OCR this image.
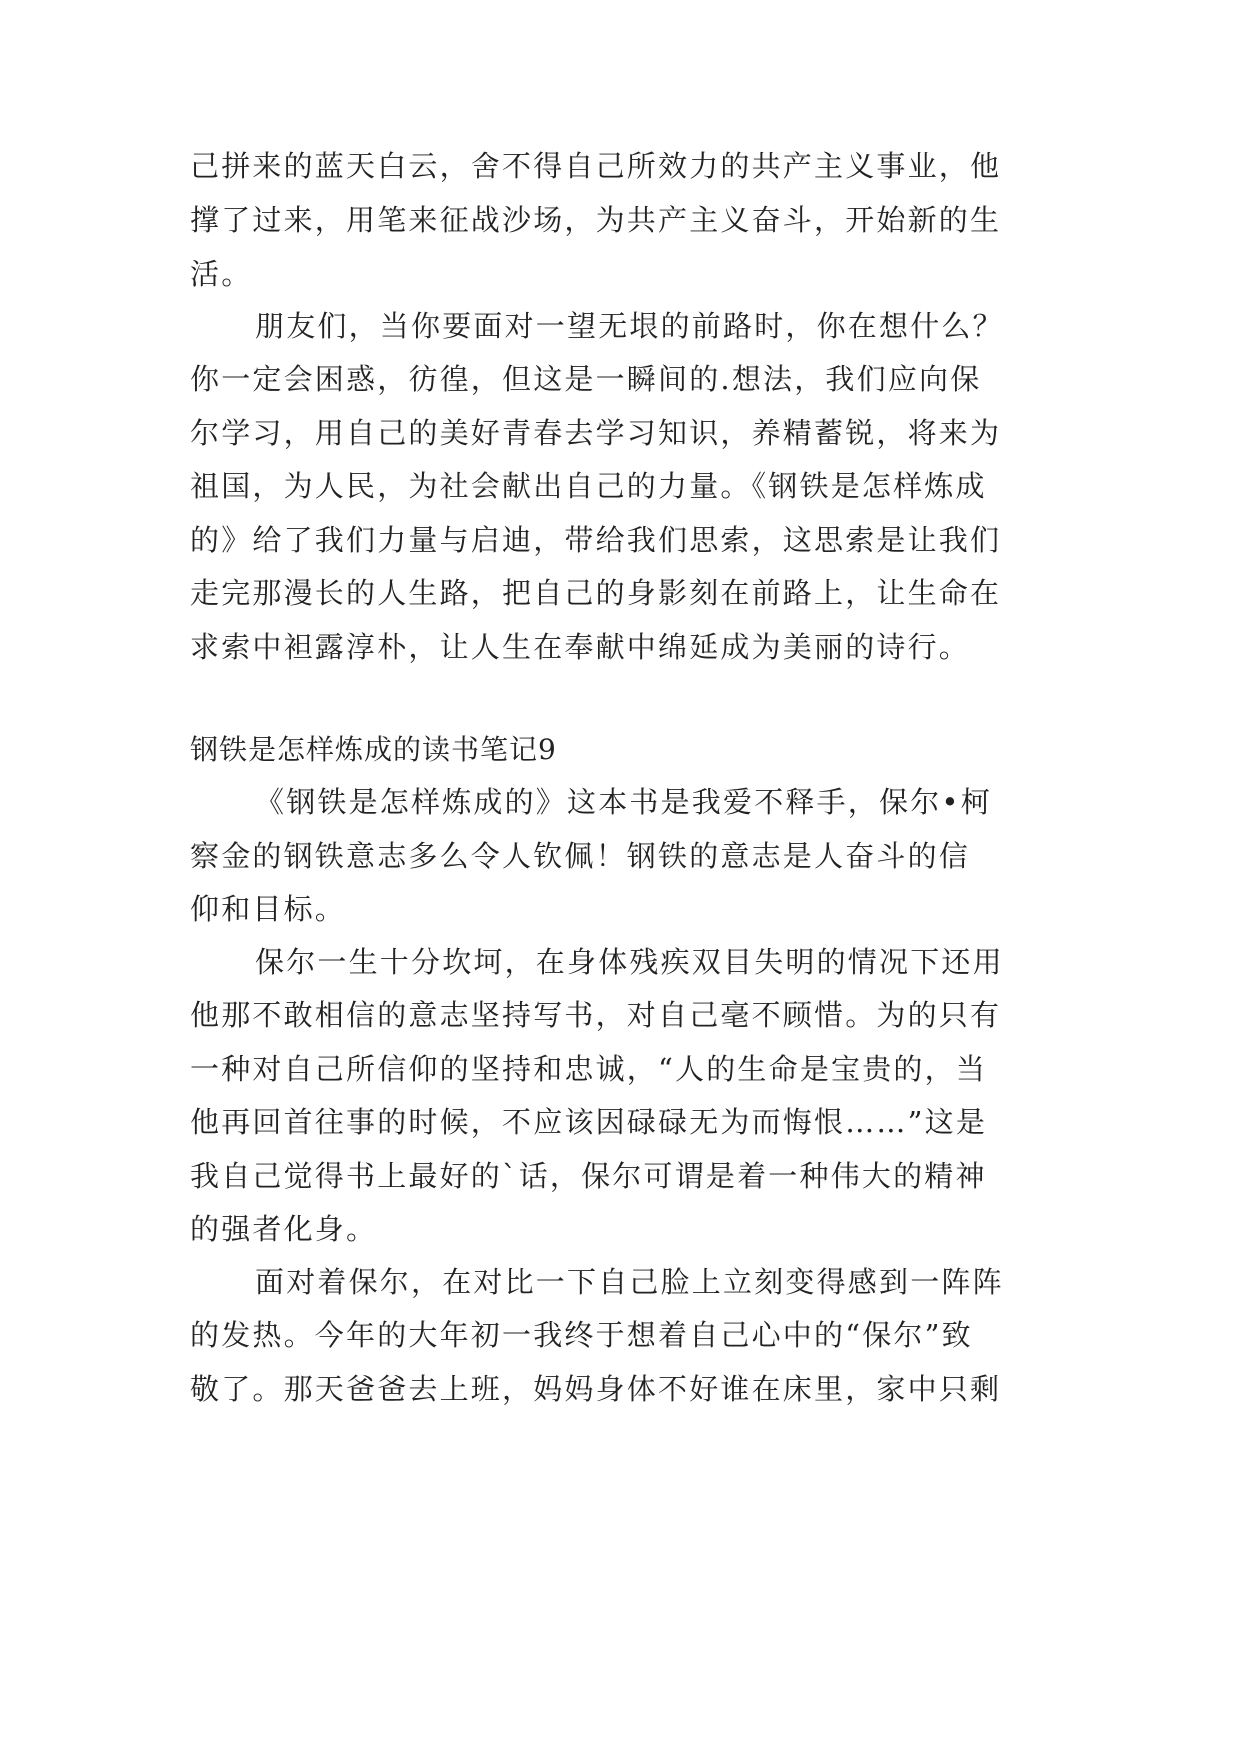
己拼来的蓝天白云，舍不得自己所效力的共产主义事业，他
撑了过来，用笔来征战沙场，为共产主义奋斗，开始新的生
活。
朋友们，当你要面对一望无垠的前路时，你在想什么？
你一定会困惑，彷徨，但这是一瞬间的.想法，我们应向保
尔学习，用自己的美好青春去学习知识，养精蓄锐，将来为
祖国，为人民，为社会献出自己的力量。《钢铁是怎样炼成
的》给了我们力量与启迪，带给我们思索，这思索是让我们
走完那漫长的人生路，把自己的身影刻在前路上，让生命在
求索中袒露淳朴，让人生在奉献中绵延成为美丽的诗行。
钢铁是怎样炼成的读书笔记9
《钢铁是怎样炼成的》这本书是我爱不释手，保尔•柯
察金的钢铁意志多么令人钦佩！钢铁的意志是人奋斗的信
仰和目标。
保尔一生十分坎坷，在身体残疾双目失明的情况下还用
他那不敢相信的意志坚持写书，对自己毫不顾惜。为的只有
一种对自己所信仰的坚持和忠诚，“人的生命是宝贵的，当
他再回首往事的时候，不应该因碌碌无为而悔恨……”这是
我自己觉得书上最好的`话，保尔可谓是着一种伟大的精神
的强者化身。
面对着保尔，在对比一下自己脸上立刻变得感到一阵阵
的发热。今年的大年初一我终于想着自己心中的“保尔”致
敬了。那天爸爸去上班，妈妈身体不好谁在床里，家中只剩
